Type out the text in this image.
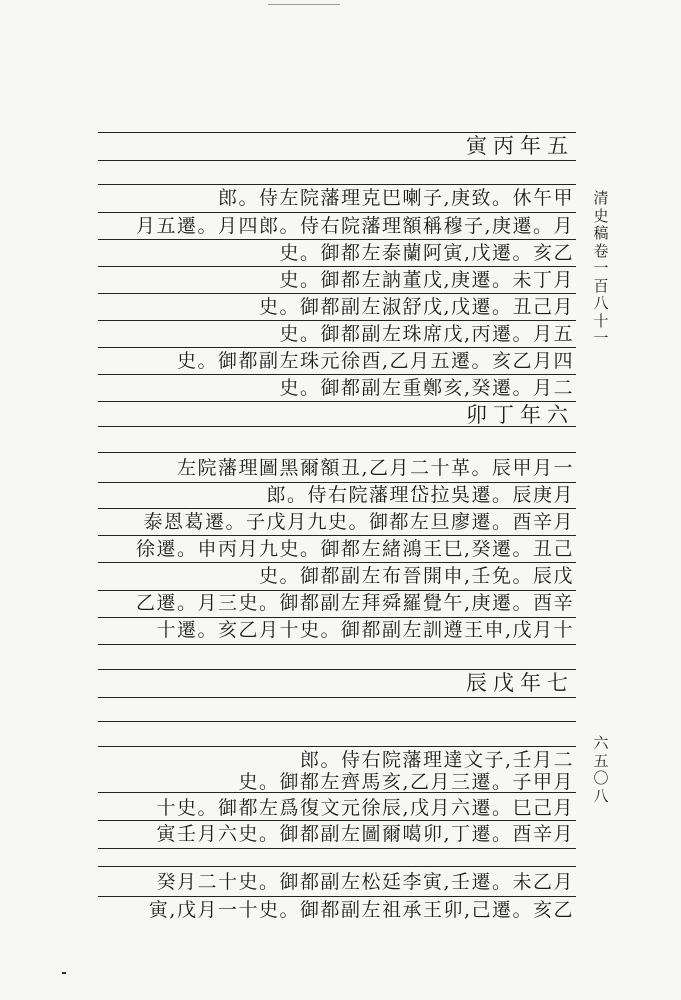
寅丙年五
郎。侍左院藩理克巴喇子,庚致。休午甲
月五遷。月四郎。侍右院藩理額稱穆子,庚遷。月
史。御都左泰蘭阿寅,戊遷。亥乙
史。御都左訥董戊,庚遷。未丁月
史。御都副左淑舒戊,戊遷。丑己月
史。御都副左珠席戊,丙遷。月五
史。御都副左珠元徐酉,乙月五遷。亥乙月四
史。御都副左重鄭亥,癸遷。月二
卯丁年六
左院藩理圖黑爾額丑,乙月二十革。辰甲月一
郎。侍右院藩理岱拉吳遷。辰庚月
泰恩葛遷。子戊月九史。御都左旦廖遷。酉辛月
徐遷。申丙月九史。御都左緒鴻王巳,癸遷。丑己
史。御都副左布晉開申,壬免。辰戊
乙遷。月三史。御都副左拜舜羅覺午,庚遷。酉辛
十遷。亥乙月十史。御都副左訓遵王申,戊月十
辰戊年七
郎。侍右院藩理達文子,壬月二
史。御都左齊馬亥,乙月三遷。子甲月
十史。御都左爲復文元徐辰,戊月六遷。巳己月
寅壬月六史。御都副左圖爾噶卯,丁遷。酉辛月
癸月二十史。御都副左松廷李寅,壬遷。未乙月
寅,戊月一十史。御都副左祖承王卯,己遷。亥乙
清
史
稿
卷
一
百
八
十
一
六
五
〇
八
